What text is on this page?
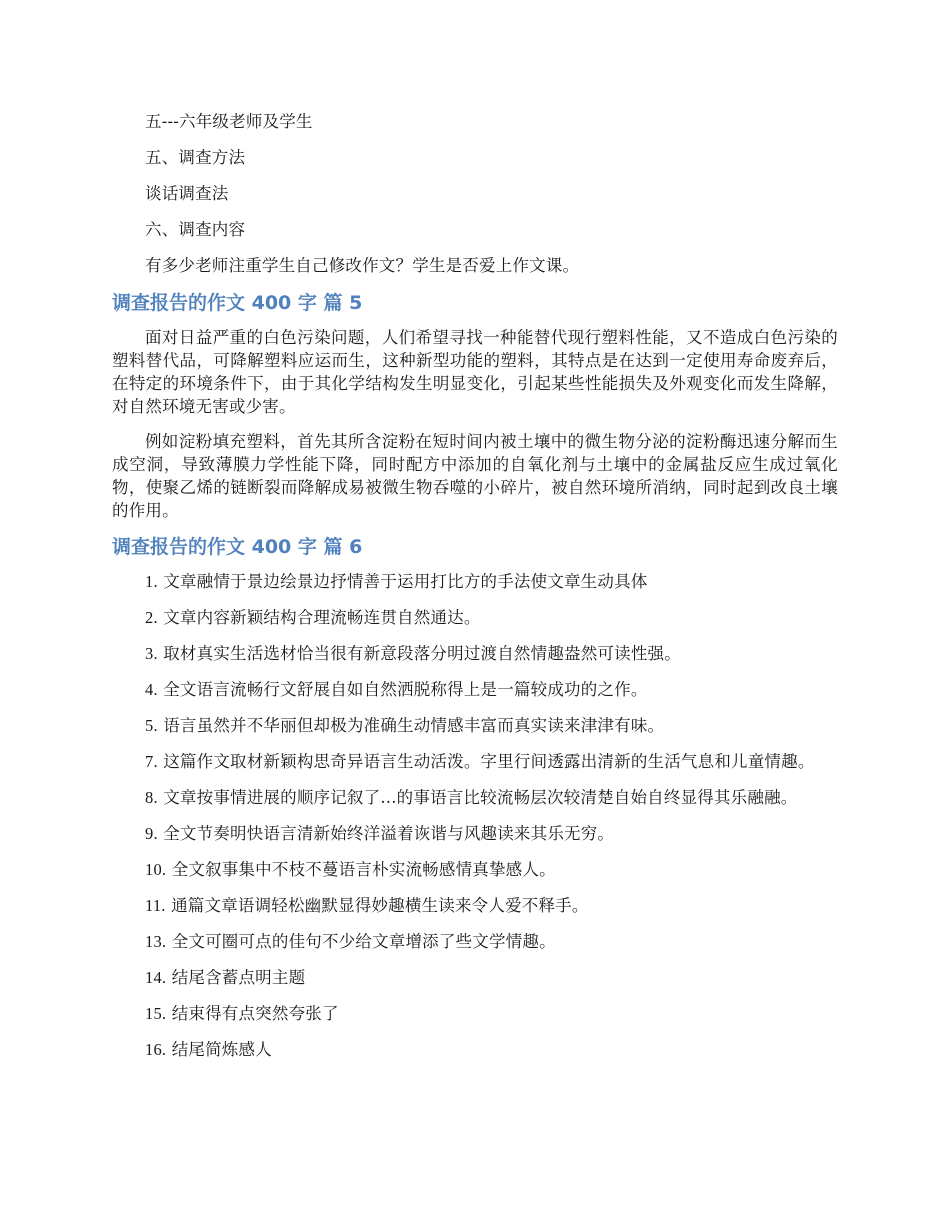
五---六年级老师及学生

五、调查方法

谈话调查法

六、调查内容

有多少老师注重学生自己修改作文？学生是否爱上作文课。

调查报告的作文 400 字 篇 5

面对日益严重的白色污染问题，人们希望寻找一种能替代现行塑料性能，又不造成白色污染的塑料替代品，可降解塑料应运而生，这种新型功能的塑料，其特点是在达到一定使用寿命废弃后，在特定的环境条件下，由于其化学结构发生明显变化，引起某些性能损失及外观变化而发生降解，对自然环境无害或少害。

例如淀粉填充塑料，首先其所含淀粉在短时间内被土壤中的微生物分泌的淀粉酶迅速分解而生成空洞，导致薄膜力学性能下降，同时配方中添加的自氧化剂与土壤中的金属盐反应生成过氧化物，使聚乙烯的链断裂而降解成易被微生物吞噬的小碎片，被自然环境所消纳，同时起到改良土壤的作用。

调查报告的作文 400 字 篇 6
1. 文章融情于景边绘景边抒情善于运用打比方的手法使文章生动具体
2. 文章内容新颖结构合理流畅连贯自然通达。
3. 取材真实生活选材恰当很有新意段落分明过渡自然情趣盎然可读性强。
4. 全文语言流畅行文舒展自如自然洒脱称得上是一篇较成功的之作。
5. 语言虽然并不华丽但却极为准确生动情感丰富而真实读来津津有味。
7. 这篇作文取材新颖构思奇异语言生动活泼。字里行间透露出清新的生活气息和儿童情趣。
8. 文章按事情进展的顺序记叙了...的事语言比较流畅层次较清楚自始自终显得其乐融融。
9. 全文节奏明快语言清新始终洋溢着诙谐与风趣读来其乐无穷。
10. 全文叙事集中不枝不蔓语言朴实流畅感情真挚感人。
11. 通篇文章语调轻松幽默显得妙趣横生读来令人爱不释手。
13. 全文可圈可点的佳句不少给文章增添了些文学情趣。
14. 结尾含蓄点明主题
15. 结束得有点突然夸张了
16. 结尾简炼感人
